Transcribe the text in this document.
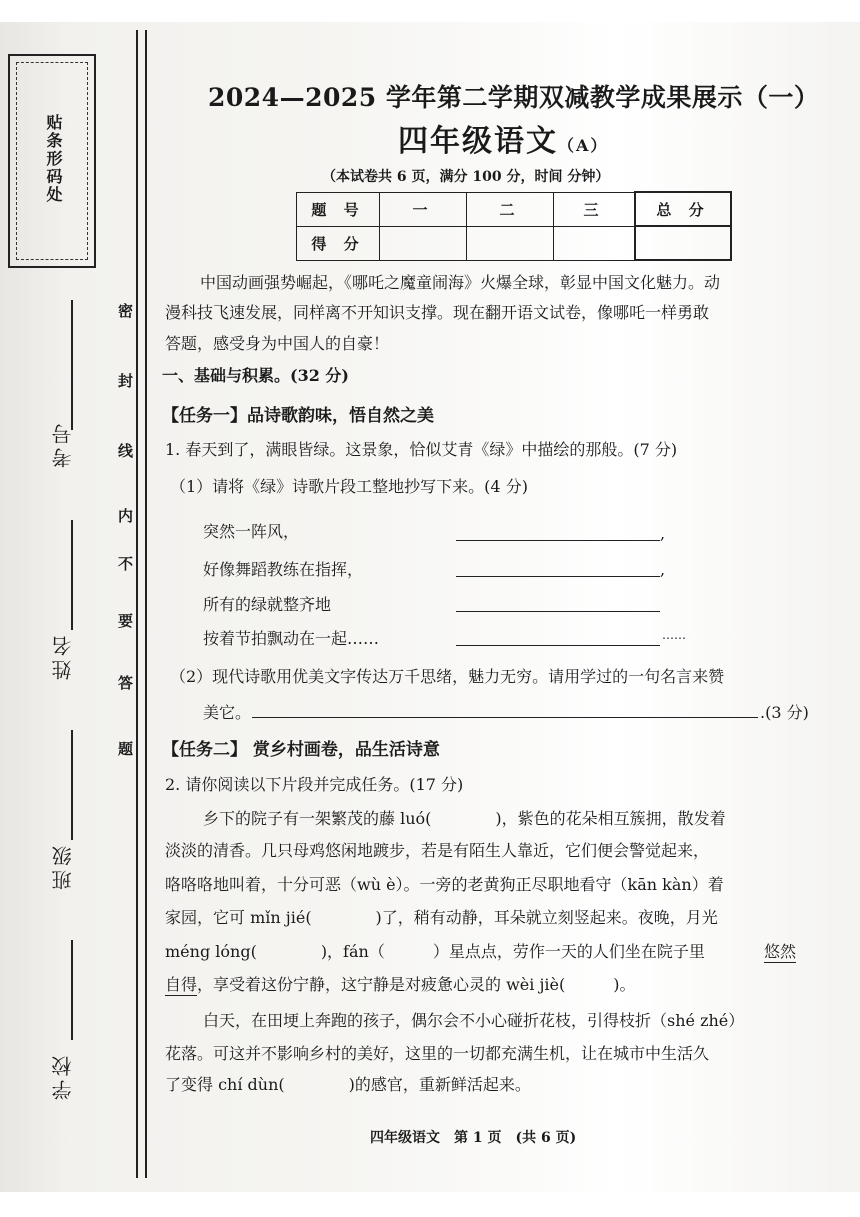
贴条形码处
考号
姓名
班级
学校
密
封
线
内
不
要
答
题
2024—2025 学年第二学期双减教学成果展示（一）
四年级语文（A）
（本试卷共 6 页，满分 100 分，时间 分钟）
题 号	一	二	三	总 分
得 分				
中国动画强势崛起，《哪吒之魔童闹海》火爆全球，彰显中国文化魅力。动
漫科技飞速发展，同样离不开知识支撑。现在翻开语文试卷，像哪吒一样勇敢
答题，感受身为中国人的自豪！
一、基础与积累。(32 分)
【任务一】品诗歌韵味，悟自然之美
1. 春天到了，满眼皆绿。这景象，恰似艾青《绿》中描绘的那般。(7 分)
（1）请将《绿》诗歌片段工整地抄写下来。(4 分)
突然一阵风，	,
好像舞蹈教练在指挥，	,
所有的绿就整齐地
按着节拍飘动在一起……	……
（2）现代诗歌用优美文字传达万千思绪，魅力无穷。请用学过的一句名言来赞
美它。	.(3 分)
【任务二】 赏乡村画卷，品生活诗意
2. 请你阅读以下片段并完成任务。(17 分)
乡下的院子有一架繁茂的藤 luó(　　　　)，紫色的花朵相互簇拥，散发着
淡淡的清香。几只母鸡悠闲地踱步，若是有陌生人靠近，它们便会警觉起来，
咯咯咯地叫着，十分可恶（wù è）。一旁的老黄狗正尽职地看守（kān kàn）着
家园，它可 mǐn jié(　　　　)了，稍有动静，耳朵就立刻竖起来。夜晚，月光
méng lóng(　　　　)，fán（　　　）星点点，劳作一天的人们坐在院子里	悠然
自得 ，享受着这份宁静，这宁静是对疲惫心灵的 wèi jiè(　　　)。
白天，在田埂上奔跑的孩子，偶尔会不小心碰折花枝，引得枝折（shé zhé）
花落。可这并不影响乡村的美好，这里的一切都充满生机，让在城市中生活久
了变得 chí dùn(　　　　)的感官，重新鲜活起来。
四年级语文　第 1 页　(共 6 页)
